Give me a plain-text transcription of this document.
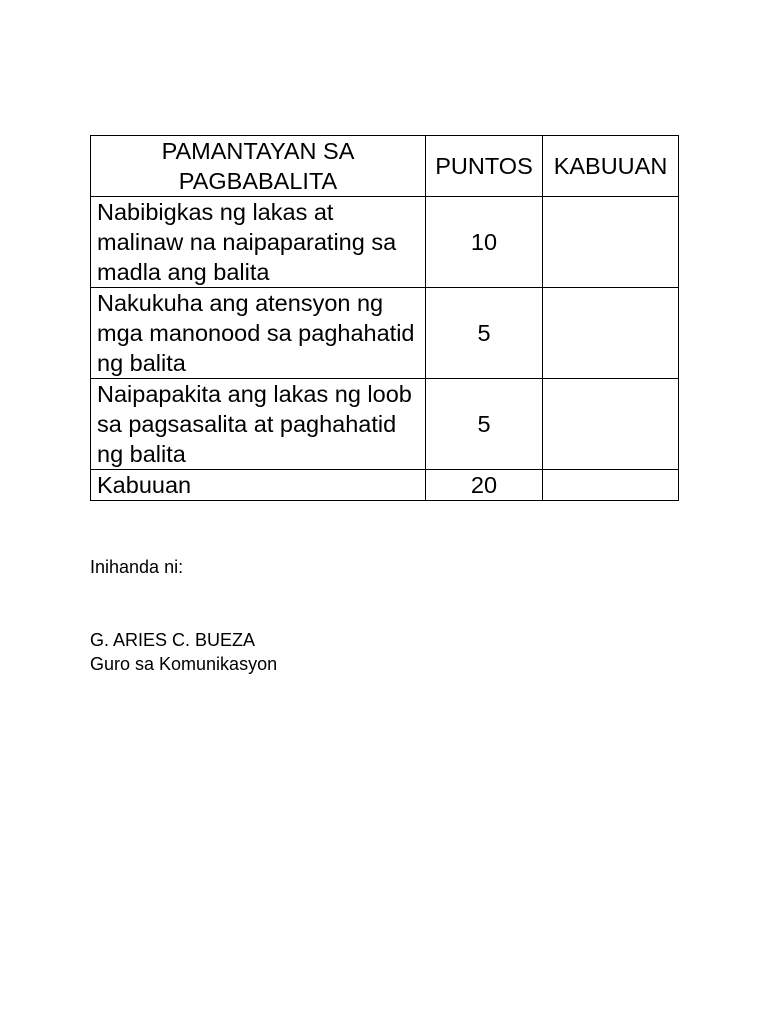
PAMANTAYAN SA PAGBABALITA	PUNTOS	KABUUAN
Nabibigkas ng lakas at malinaw na naipaparating sa madla ang balita	10	
Nakukuha ang atensyon ng mga manonood sa paghahatid ng balita	5	
Naipapakita ang lakas ng loob sa pagsasalita at paghahatid ng balita	5	
Kabuuan	20	

Inihanda ni:

G. ARIES C. BUEZA
Guro sa Komunikasyon
